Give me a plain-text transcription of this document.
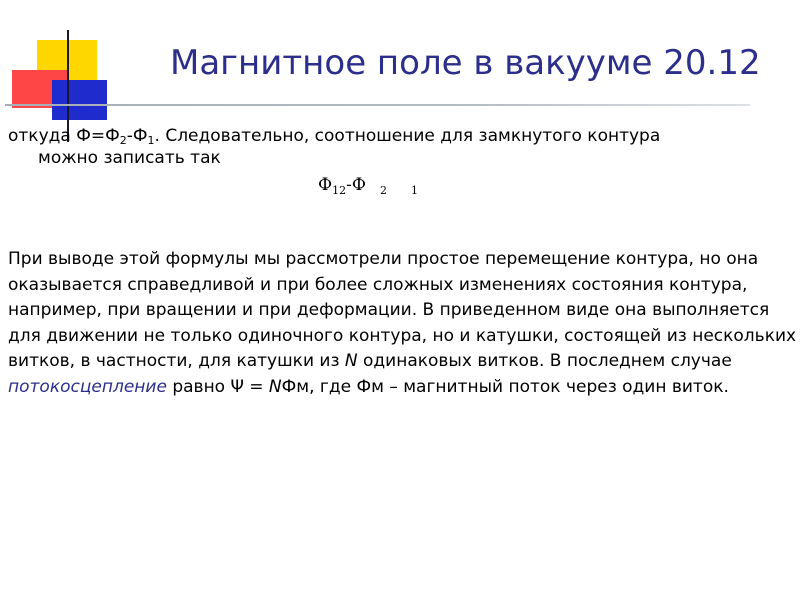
Магнитное поле в вакууме 20.12
откуда $Ф=Ф_2-Ф_1$. Следовательно, соотношение для замкнутого контура
можно записать так
$Ф_{12}-Ф$ $_2$ $_1$
При выводе этой формулы мы рассмотрели простое перемещение контура, но она оказывается справедливой и при более сложных изменениях состояния контура, например, при вращении и при деформации. В приведенном виде она выполняется для движении не только одиночного контура, но и катушки, состоящей из нескольких витков, в частности, для катушки из N одинаковых витков. В последнем случае потокосцепление равно Ψ = NФм, где Фм – магнитный поток через один виток.
